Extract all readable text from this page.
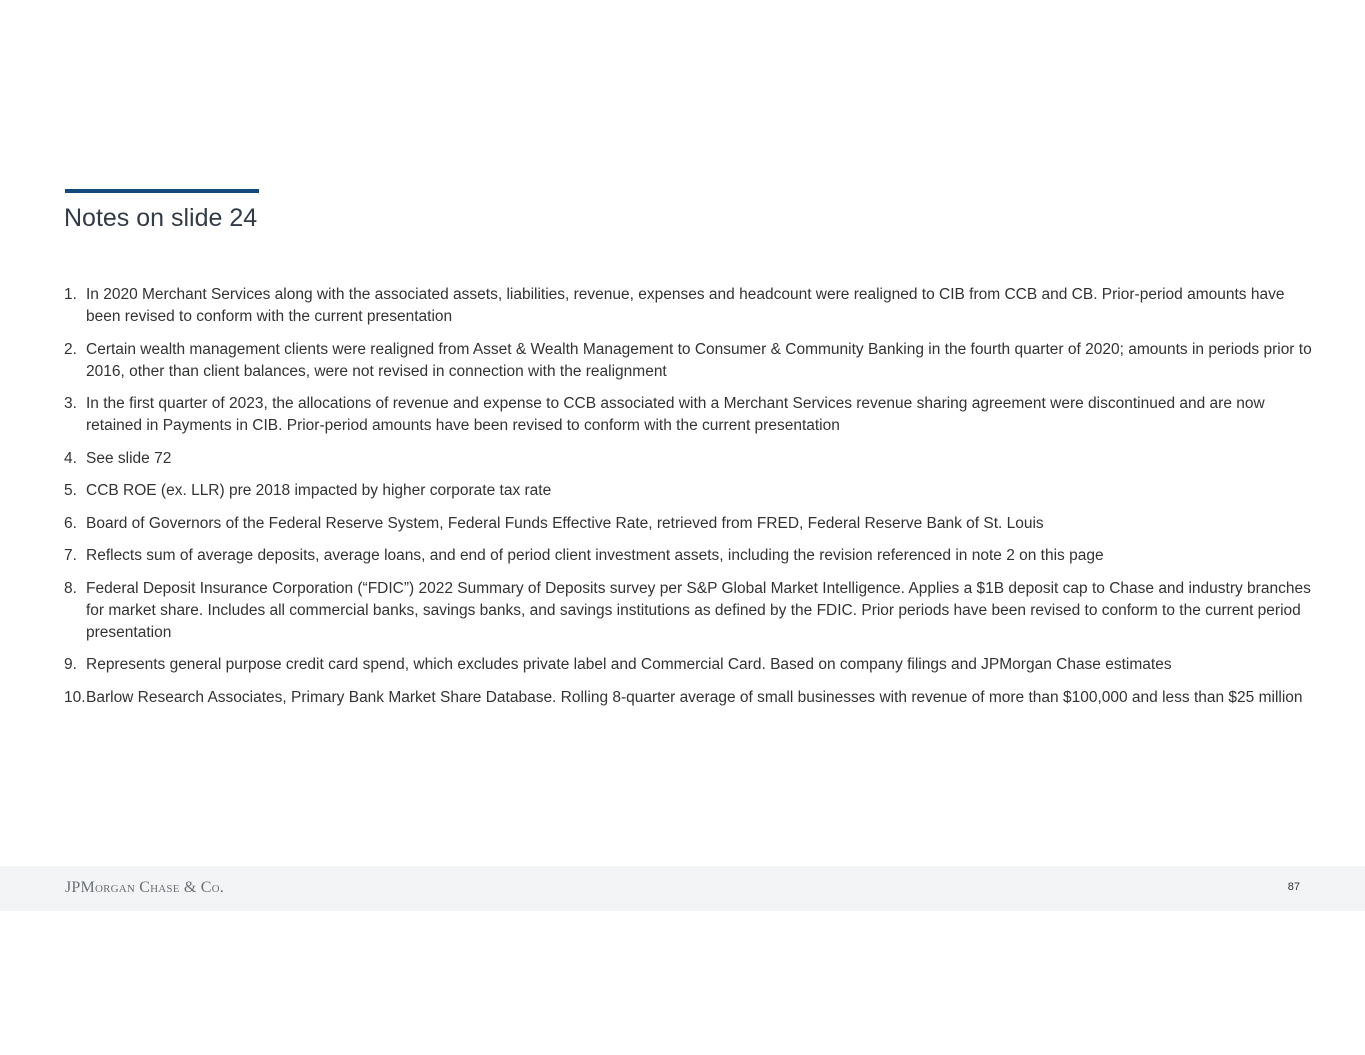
Notes on slide 24
1. In 2020 Merchant Services along with the associated assets, liabilities, revenue, expenses and headcount were realigned to CIB from CCB and CB. Prior-period amounts have been revised to conform with the current presentation
2. Certain wealth management clients were realigned from Asset & Wealth Management to Consumer & Community Banking in the fourth quarter of 2020; amounts in periods prior to 2016, other than client balances, were not revised in connection with the realignment
3. In the first quarter of 2023, the allocations of revenue and expense to CCB associated with a Merchant Services revenue sharing agreement were discontinued and are now retained in Payments in CIB. Prior-period amounts have been revised to conform with the current presentation
4. See slide 72
5. CCB ROE (ex. LLR) pre 2018 impacted by higher corporate tax rate
6. Board of Governors of the Federal Reserve System, Federal Funds Effective Rate, retrieved from FRED, Federal Reserve Bank of St. Louis
7. Reflects sum of average deposits, average loans, and end of period client investment assets, including the revision referenced in note 2 on this page
8. Federal Deposit Insurance Corporation (“FDIC”) 2022 Summary of Deposits survey per S&P Global Market Intelligence. Applies a $1B deposit cap to Chase and industry branches for market share. Includes all commercial banks, savings banks, and savings institutions as defined by the FDIC. Prior periods have been revised to conform to the current period presentation
9. Represents general purpose credit card spend, which excludes private label and Commercial Card. Based on company filings and JPMorgan Chase estimates
10. Barlow Research Associates, Primary Bank Market Share Database. Rolling 8-quarter average of small businesses with revenue of more than $100,000 and less than $25 million
JPMorgan Chase & Co.	87
